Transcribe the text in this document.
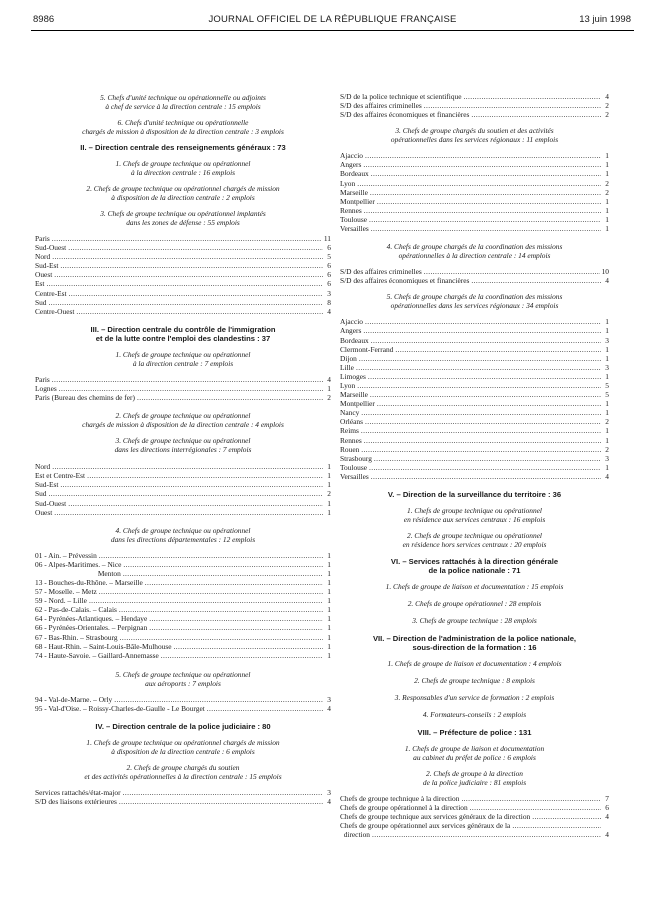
8986	JOURNAL OFFICIEL DE LA RÉPUBLIQUE FRANÇAISE	13 juin 1998

5. Chefs d'unité technique ou opérationnelle ou adjoints

à chef de service à la direction centrale : 15 emplois

6. Chefs d'unité technique ou opérationnelle

chargés de mission à disposition de la direction centrale : 3 emplois

II. – Direction centrale des renseignements généraux : 73

1. Chefs de groupe technique ou opérationnel

à la direction centrale : 16 emplois

2. Chefs de groupe technique ou opérationnel chargés de mission

à disposition de la direction centrale : 2 emplois

3. Chefs de groupe technique ou opérationnel implantés

dans les zones de défense : 55 emplois

Paris .....	11
Sud-Ouest .....	6
Nord .....	5
Sud-Est .....	6
Ouest .....	6
Est .....	6
Centre-Est .....	3
Sud .....	8
Centre-Ouest .....	4

III. – Direction centrale du contrôle de l'immigration

et de la lutte contre l'emploi des clandestins : 37

1. Chefs de groupe technique ou opérationnel

à la direction centrale : 7 emplois

Paris .....	4
Lognes .....	1
Paris (Bureau des chemins de fer) .....	2

2. Chefs de groupe technique ou opérationnel

chargés de mission à disposition de la direction centrale : 4 emplois

3. Chefs de groupe technique ou opérationnel

dans les directions interrégionales : 7 emplois

Nord .....	1
Est et Centre-Est .....	1
Sud-Est .....	1
Sud .....	2
Sud-Ouest .....	1
Ouest .....	1

4. Chefs de groupe technique ou opérationnel

dans les directions départementales : 12 emplois

01 - Ain. – Prévessin .....	1
06 - Alpes-Maritimes. – Nice .....	1
Menton .....	1
13 - Bouches-du-Rhône. – Marseille .....	1
57 - Moselle. – Metz .....	1
59 - Nord. – Lille .....	1
62 - Pas-de-Calais. – Calais .....	1
64 - Pyrénées-Atlantiques. – Hendaye .....	1
66 - Pyrénées-Orientales. – Perpignan .....	1
67 - Bas-Rhin. – Strasbourg .....	1
68 - Haut-Rhin. – Saint-Louis-Bâle-Mulhouse .....	1
74 - Haute-Savoie. – Gaillard-Annemasse .....	1

5. Chefs de groupe technique ou opérationnel

aux aéroports : 7 emplois

94 - Val-de-Marne. – Orly .....	3
95 - Val-d'Oise. – Roissy-Charles-de-Gaulle - Le Bourget .....	4

IV. – Direction centrale de la police judiciaire : 80

1. Chefs de groupe technique ou opérationnel chargés de mission

à disposition de la direction centrale : 6 emplois

2. Chefs de groupe chargés du soutien

et des activités opérationnelles à la direction centrale : 15 emplois

Services rattachés/état-major .....	3
S/D des liaisons extérieures .....	4
S/D de la police technique et scientifique .....	4
S/D des affaires criminelles .....	2
S/D des affaires économiques et financières .....	2

3. Chefs de groupe chargés du soutien et des activités

opérationnelles dans les services régionaux : 11 emplois

Ajaccio .....	1
Angers .....	1
Bordeaux .....	1
Lyon .....	2
Marseille .....	2
Montpellier .....	1
Rennes .....	1
Toulouse .....	1
Versailles .....	1

4. Chefs de groupe chargés de la coordination des missions

opérationnelles à la direction centrale : 14 emplois

S/D des affaires criminelles .....	10
S/D des affaires économiques et financières .....	4

5. Chefs de groupe chargés de la coordination des missions

opérationnelles dans les services régionaux : 34 emplois

Ajaccio .....	1
Angers .....	1
Bordeaux .....	3
Clermont-Ferrand .....	1
Dijon .....	1
Lille .....	3
Limoges .....	1
Lyon .....	5
Marseille .....	5
Montpellier .....	1
Nancy .....	1
Orléans .....	2
Reims .....	1
Rennes .....	1
Rouen .....	2
Strasbourg .....	3
Toulouse .....	1
Versailles .....	4

V. – Direction de la surveillance du territoire : 36

1. Chefs de groupe technique ou opérationnel

en résidence aux services centraux : 16 emplois

2. Chefs de groupe technique ou opérationnel

en résidence hors services centraux : 20 emplois

VI. – Services rattachés à la direction générale

de la police nationale : 71

1. Chefs de groupe de liaison et documentation : 15 emplois

2. Chefs de groupe opérationnel : 28 emplois

3. Chefs de groupe technique : 28 emplois

VII. – Direction de l'administration de la police nationale,

sous-direction de la formation : 16

1. Chefs de groupe de liaison et documentation : 4 emplois

2. Chefs de groupe technique : 8 emplois

3. Responsables d'un service de formation : 2 emplois

4. Formateurs-conseils : 2 emplois

VIII. – Préfecture de police : 131

1. Chefs de groupe de liaison et documentation

au cabinet du préfet de police : 6 emplois

2. Chefs de groupe à la direction

de la police judiciaire : 81 emplois

Chefs de groupe technique à la direction .....	7
Chefs de groupe opérationnel à la direction .....	6
Chefs de groupe technique aux services généraux de la direction .....	4
Chefs de groupe opérationnel aux services généraux de la
.....
direction .....	4
